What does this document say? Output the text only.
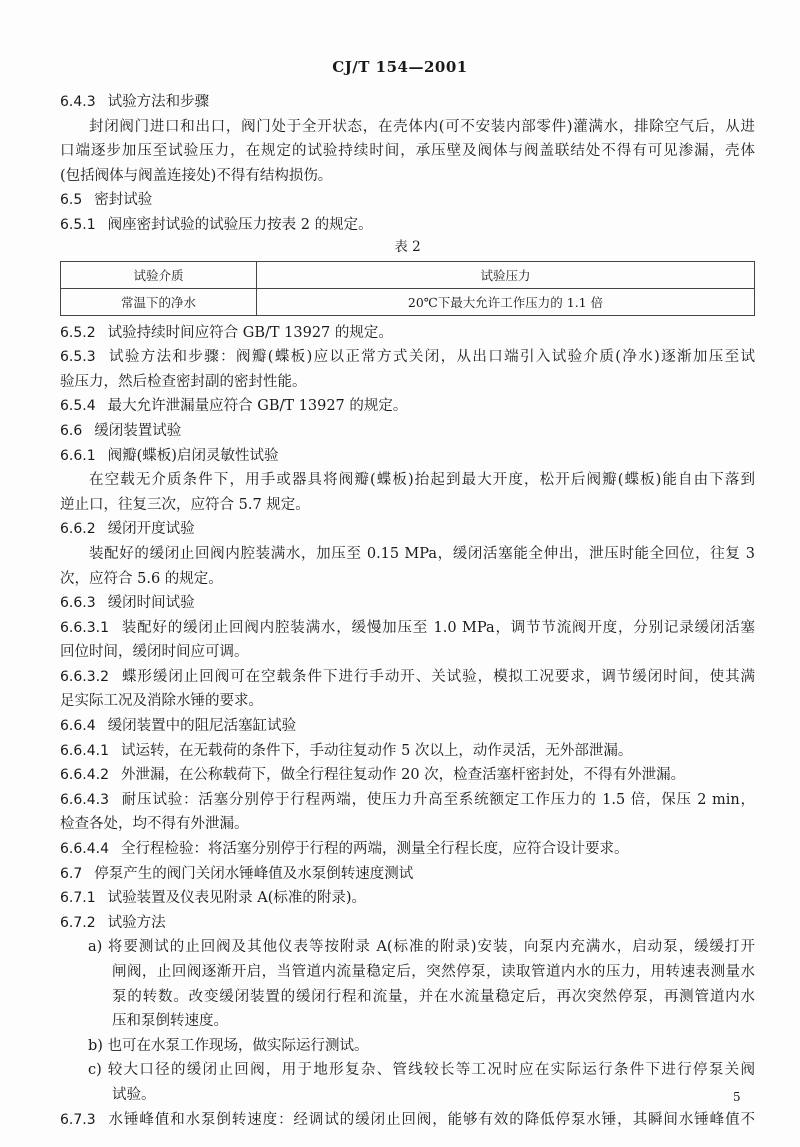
CJ/T 154—2001
6.4.3 试验方法和步骤
封闭阀门进口和出口，阀门处于全开状态，在壳体内(可不安装内部零件)灌满水，排除空气后，从进
口端逐步加压至试验压力，在规定的试验持续时间，承压壁及阀体与阀盖联结处不得有可见渗漏，壳体
(包括阀体与阀盖连接处)不得有结构损伤。
6.5 密封试验
6.5.1 阀座密封试验的试验压力按表 2 的规定。
表 2
试验介质	试验压力
常温下的净水	20℃下最大允许工作压力的 1.1 倍
6.5.2 试验持续时间应符合 GB/T 13927 的规定。
6.5.3 试验方法和步骤：阀瓣(蝶板)应以正常方式关闭，从出口端引入试验介质(净水)逐渐加压至试
验压力，然后检查密封副的密封性能。
6.5.4 最大允许泄漏量应符合 GB/T 13927 的规定。
6.6 缓闭装置试验
6.6.1 阀瓣(蝶板)启闭灵敏性试验
在空载无介质条件下，用手或器具将阀瓣(蝶板)抬起到最大开度，松开后阀瓣(蝶板)能自由下落到
逆止口，往复三次，应符合 5.7 规定。
6.6.2 缓闭开度试验
装配好的缓闭止回阀内腔装满水，加压至 0.15 MPa，缓闭活塞能全伸出，泄压时能全回位，往复 3
次，应符合 5.6 的规定。
6.6.3 缓闭时间试验
6.6.3.1 装配好的缓闭止回阀内腔装满水，缓慢加压至 1.0 MPa，调节节流阀开度，分别记录缓闭活塞
回位时间，缓闭时间应可调。
6.6.3.2 蝶形缓闭止回阀可在空载条件下进行手动开、关试验，模拟工况要求，调节缓闭时间，使其满
足实际工况及消除水锤的要求。
6.6.4 缓闭装置中的阻尼活塞缸试验
6.6.4.1 试运转，在无载荷的条件下，手动往复动作 5 次以上，动作灵活，无外部泄漏。
6.6.4.2 外泄漏，在公称载荷下，做全行程往复动作 20 次，检查活塞杆密封处，不得有外泄漏。
6.6.4.3 耐压试验：活塞分别停于行程两端，使压力升高至系统额定工作压力的 1.5 倍，保压 2 min，
检查各处，均不得有外泄漏。
6.6.4.4 全行程检验：将活塞分别停于行程的两端，测量全行程长度，应符合设计要求。
6.7 停泵产生的阀门关闭水锤峰值及水泵倒转速度测试
6.7.1 试验装置及仪表见附录 A(标准的附录)。
6.7.2 试验方法
a) 将要测试的止回阀及其他仪表等按附录 A(标准的附录)安装，向泵内充满水，启动泵，缓缓打开
闸阀，止回阀逐渐开启，当管道内流量稳定后，突然停泵，读取管道内水的压力，用转速表测量水
泵的转数。改变缓闭装置的缓闭行程和流量，并在水流量稳定后，再次突然停泵，再测管道内水
压和泵倒转速度。
b) 也可在水泵工作现场，做实际运行测试。
c) 较大口径的缓闭止回阀，用于地形复杂、管线较长等工况时应在实际运行条件下进行停泵关阀
试验。
6.7.3 水锤峰值和水泵倒转速度：经调试的缓闭止回阀，能够有效的降低停泵水锤，其瞬间水锤峰值不
5
